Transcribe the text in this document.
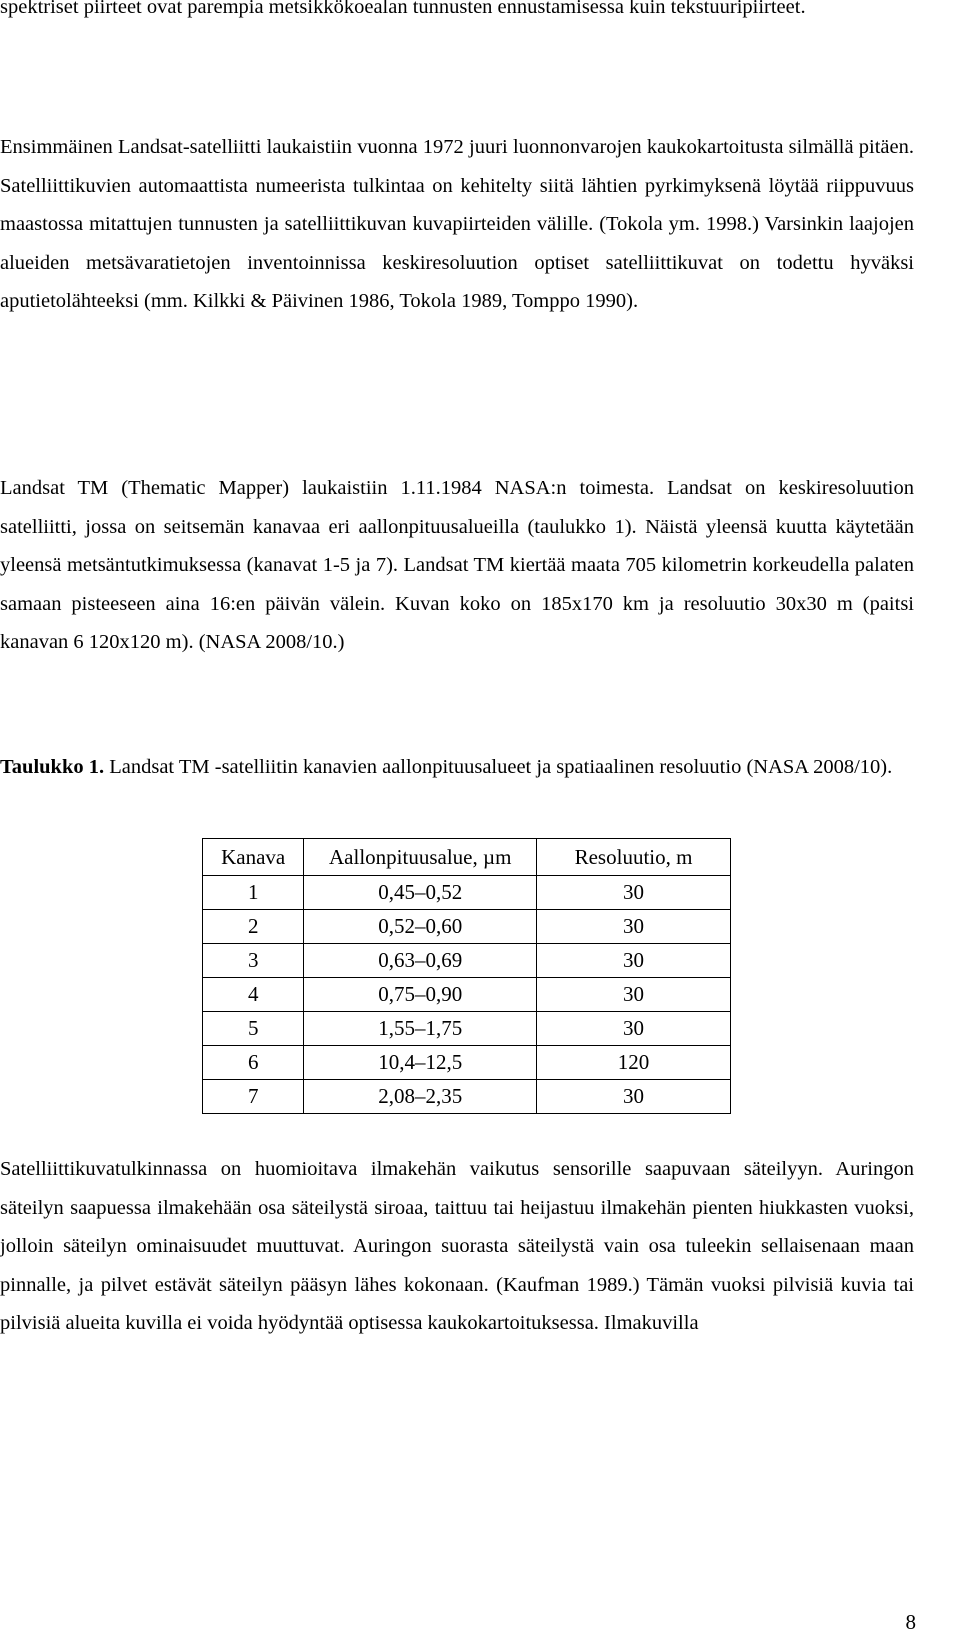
spektriset piirteet ovat parempia metsikkökoealan tunnusten ennustamisessa kuin tekstuuripiirteet.

Ensimmäinen Landsat-satelliitti laukaistiin vuonna 1972 juuri luonnonvarojen kaukokartoitusta silmällä pitäen. Satelliittikuvien automaattista numeerista tulkintaa on kehitelty siitä lähtien pyrkimyksenä löytää riippuvuus maastossa mitattujen tunnusten ja satelliittikuvan kuvapiirteiden välille. (Tokola ym. 1998.) Varsinkin laajojen alueiden metsävaratietojen inventoinnissa keskiresoluution optiset satelliittikuvat on todettu hyväksi aputietolähteeksi (mm. Kilkki & Päivinen 1986, Tokola 1989, Tomppo 1990).

Landsat TM (Thematic Mapper) laukaistiin 1.11.1984 NASA:n toimesta. Landsat on keskiresoluution satelliitti, jossa on seitsemän kanavaa eri aallonpituusalueilla (taulukko 1). Näistä yleensä kuutta käytetään yleensä metsäntutkimuksessa (kanavat 1-5 ja 7). Landsat TM kiertää maata 705 kilometrin korkeudella palaten samaan pisteeseen aina 16:en päivän välein. Kuvan koko on 185x170 km ja resoluutio 30x30 m (paitsi kanavan 6 120x120 m). (NASA 2008/10.)

Taulukko 1. Landsat TM -satelliitin kanavien aallonpituusalueet ja spatiaalinen resoluutio (NASA 2008/10).

Kanava	Aallonpituusalue, µm	Resoluutio, m
1	0,45–0,52	30
2	0,52–0,60	30
3	0,63–0,69	30
4	0,75–0,90	30
5	1,55–1,75	30
6	10,4–12,5	120
7	2,08–2,35	30

Satelliittikuvatulkinnassa on huomioitava ilmakehän vaikutus sensorille saapuvaan säteilyyn. Auringon säteilyn saapuessa ilmakehään osa säteilystä siroaa, taittuu tai heijastuu ilmakehän pienten hiukkasten vuoksi, jolloin säteilyn ominaisuudet muuttuvat. Auringon suorasta säteilystä vain osa tuleekin sellaisenaan maan pinnalle, ja pilvet estävät säteilyn pääsyn lähes kokonaan. (Kaufman 1989.) Tämän vuoksi pilvisiä kuvia tai pilvisiä alueita kuvilla ei voida hyödyntää optisessa kaukokartoituksessa. Ilmakuvilla

8
